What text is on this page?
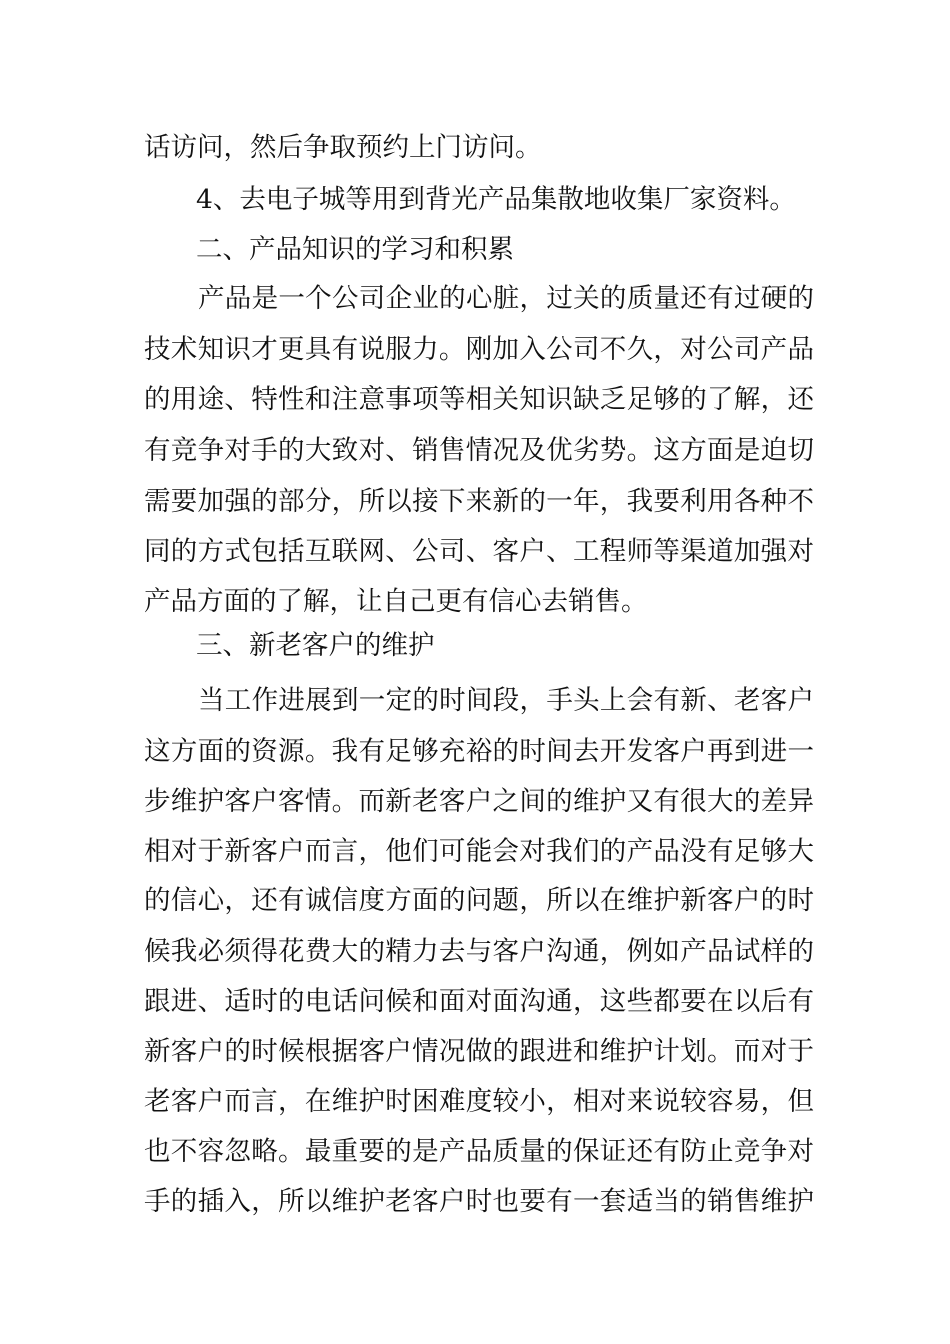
话访问，然后争取预约上门访问。
4、去电子城等用到背光产品集散地收集厂家资料。
二、产品知识的学习和积累
产品是一个公司企业的心脏，过关的质量还有过硬的
技术知识才更具有说服力。刚加入公司不久，对公司产品
的用途、特性和注意事项等相关知识缺乏足够的了解，还
有竞争对手的大致对、销售情况及优劣势。这方面是迫切
需要加强的部分，所以接下来新的一年，我要利用各种不
同的方式包括互联网、公司、客户、工程师等渠道加强对
产品方面的了解，让自己更有信心去销售。
三、新老客户的维护
当工作进展到一定的时间段，手头上会有新、老客户
这方面的资源。我有足够充裕的时间去开发客户再到进一
步维护客户客情。而新老客户之间的维护又有很大的差异
相对于新客户而言，他们可能会对我们的产品没有足够大
的信心，还有诚信度方面的问题，所以在维护新客户的时
候我必须得花费大的精力去与客户沟通，例如产品试样的
跟进、适时的电话问候和面对面沟通，这些都要在以后有
新客户的时候根据客户情况做的跟进和维护计划。而对于
老客户而言，在维护时困难度较小，相对来说较容易，但
也不容忽略。最重要的是产品质量的保证还有防止竞争对
手的插入，所以维护老客户时也要有一套适当的销售维护
